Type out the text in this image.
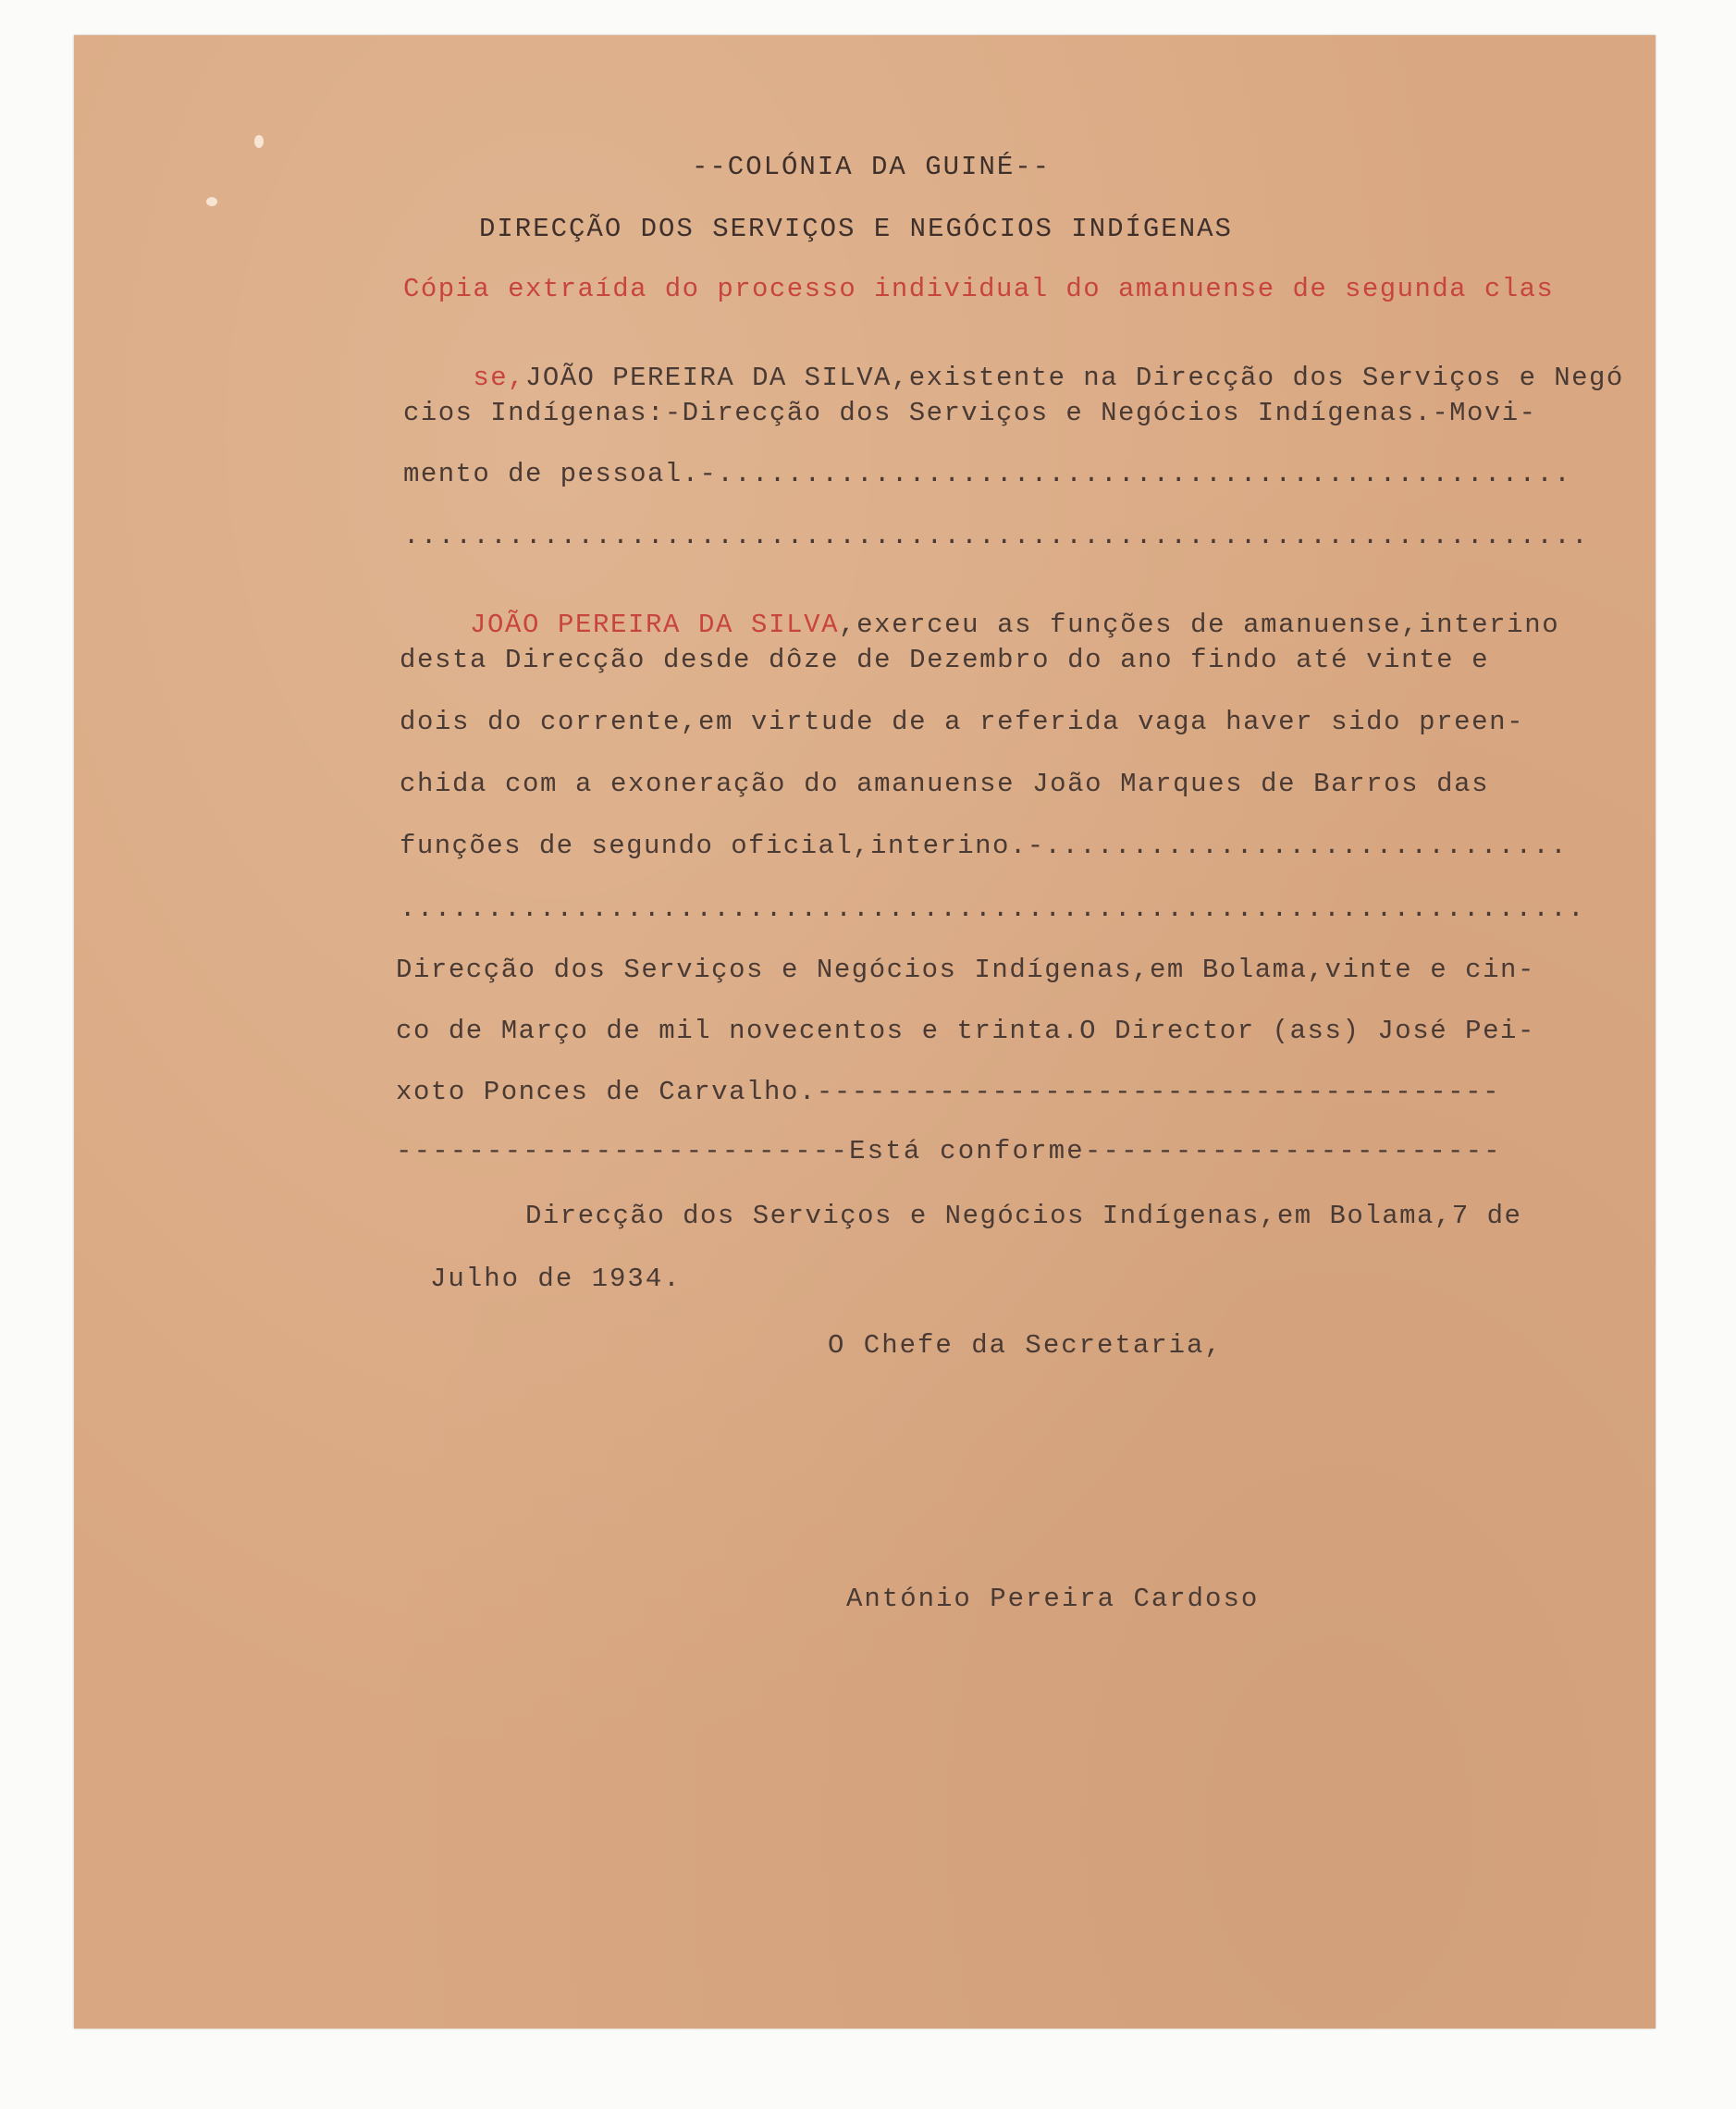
--COLÓNIA DA GUINÉ--
DIRECÇÃO DOS SERVIÇOS E NEGÓCIOS INDÍGENAS
Cópia extraída do processo individual do amanuense de segunda clas

se,JOÃO PEREIRA DA SILVA,existente na Direcção dos Serviços e Negó

cios Indígenas:-Direcção dos Serviços e Negócios Indígenas.-Movi-
mento de pessoal.-.................................................
....................................................................

JOÃO PEREIRA DA SILVA,exerceu as funções de amanuense,interino

desta Direcção desde dôze de Dezembro do ano findo até vinte e
dois do corrente,em virtude de a referida vaga haver sido preen-
chida com a exoneração do amanuense João Marques de Barros das
funções de segundo oficial,interino.-..............................
....................................................................
Direcção dos Serviços e Negócios Indígenas,em Bolama,vinte e cin-
co de Março de mil novecentos e trinta.O Director (ass) José Pei-
xoto Ponces de Carvalho.---------------------------------------
-------------------------Está conforme-----------------------
Direcção dos Serviços e Negócios Indígenas,em Bolama,7 de
Julho de 1934.
O Chefe da Secretaria,
António Pereira Cardoso
